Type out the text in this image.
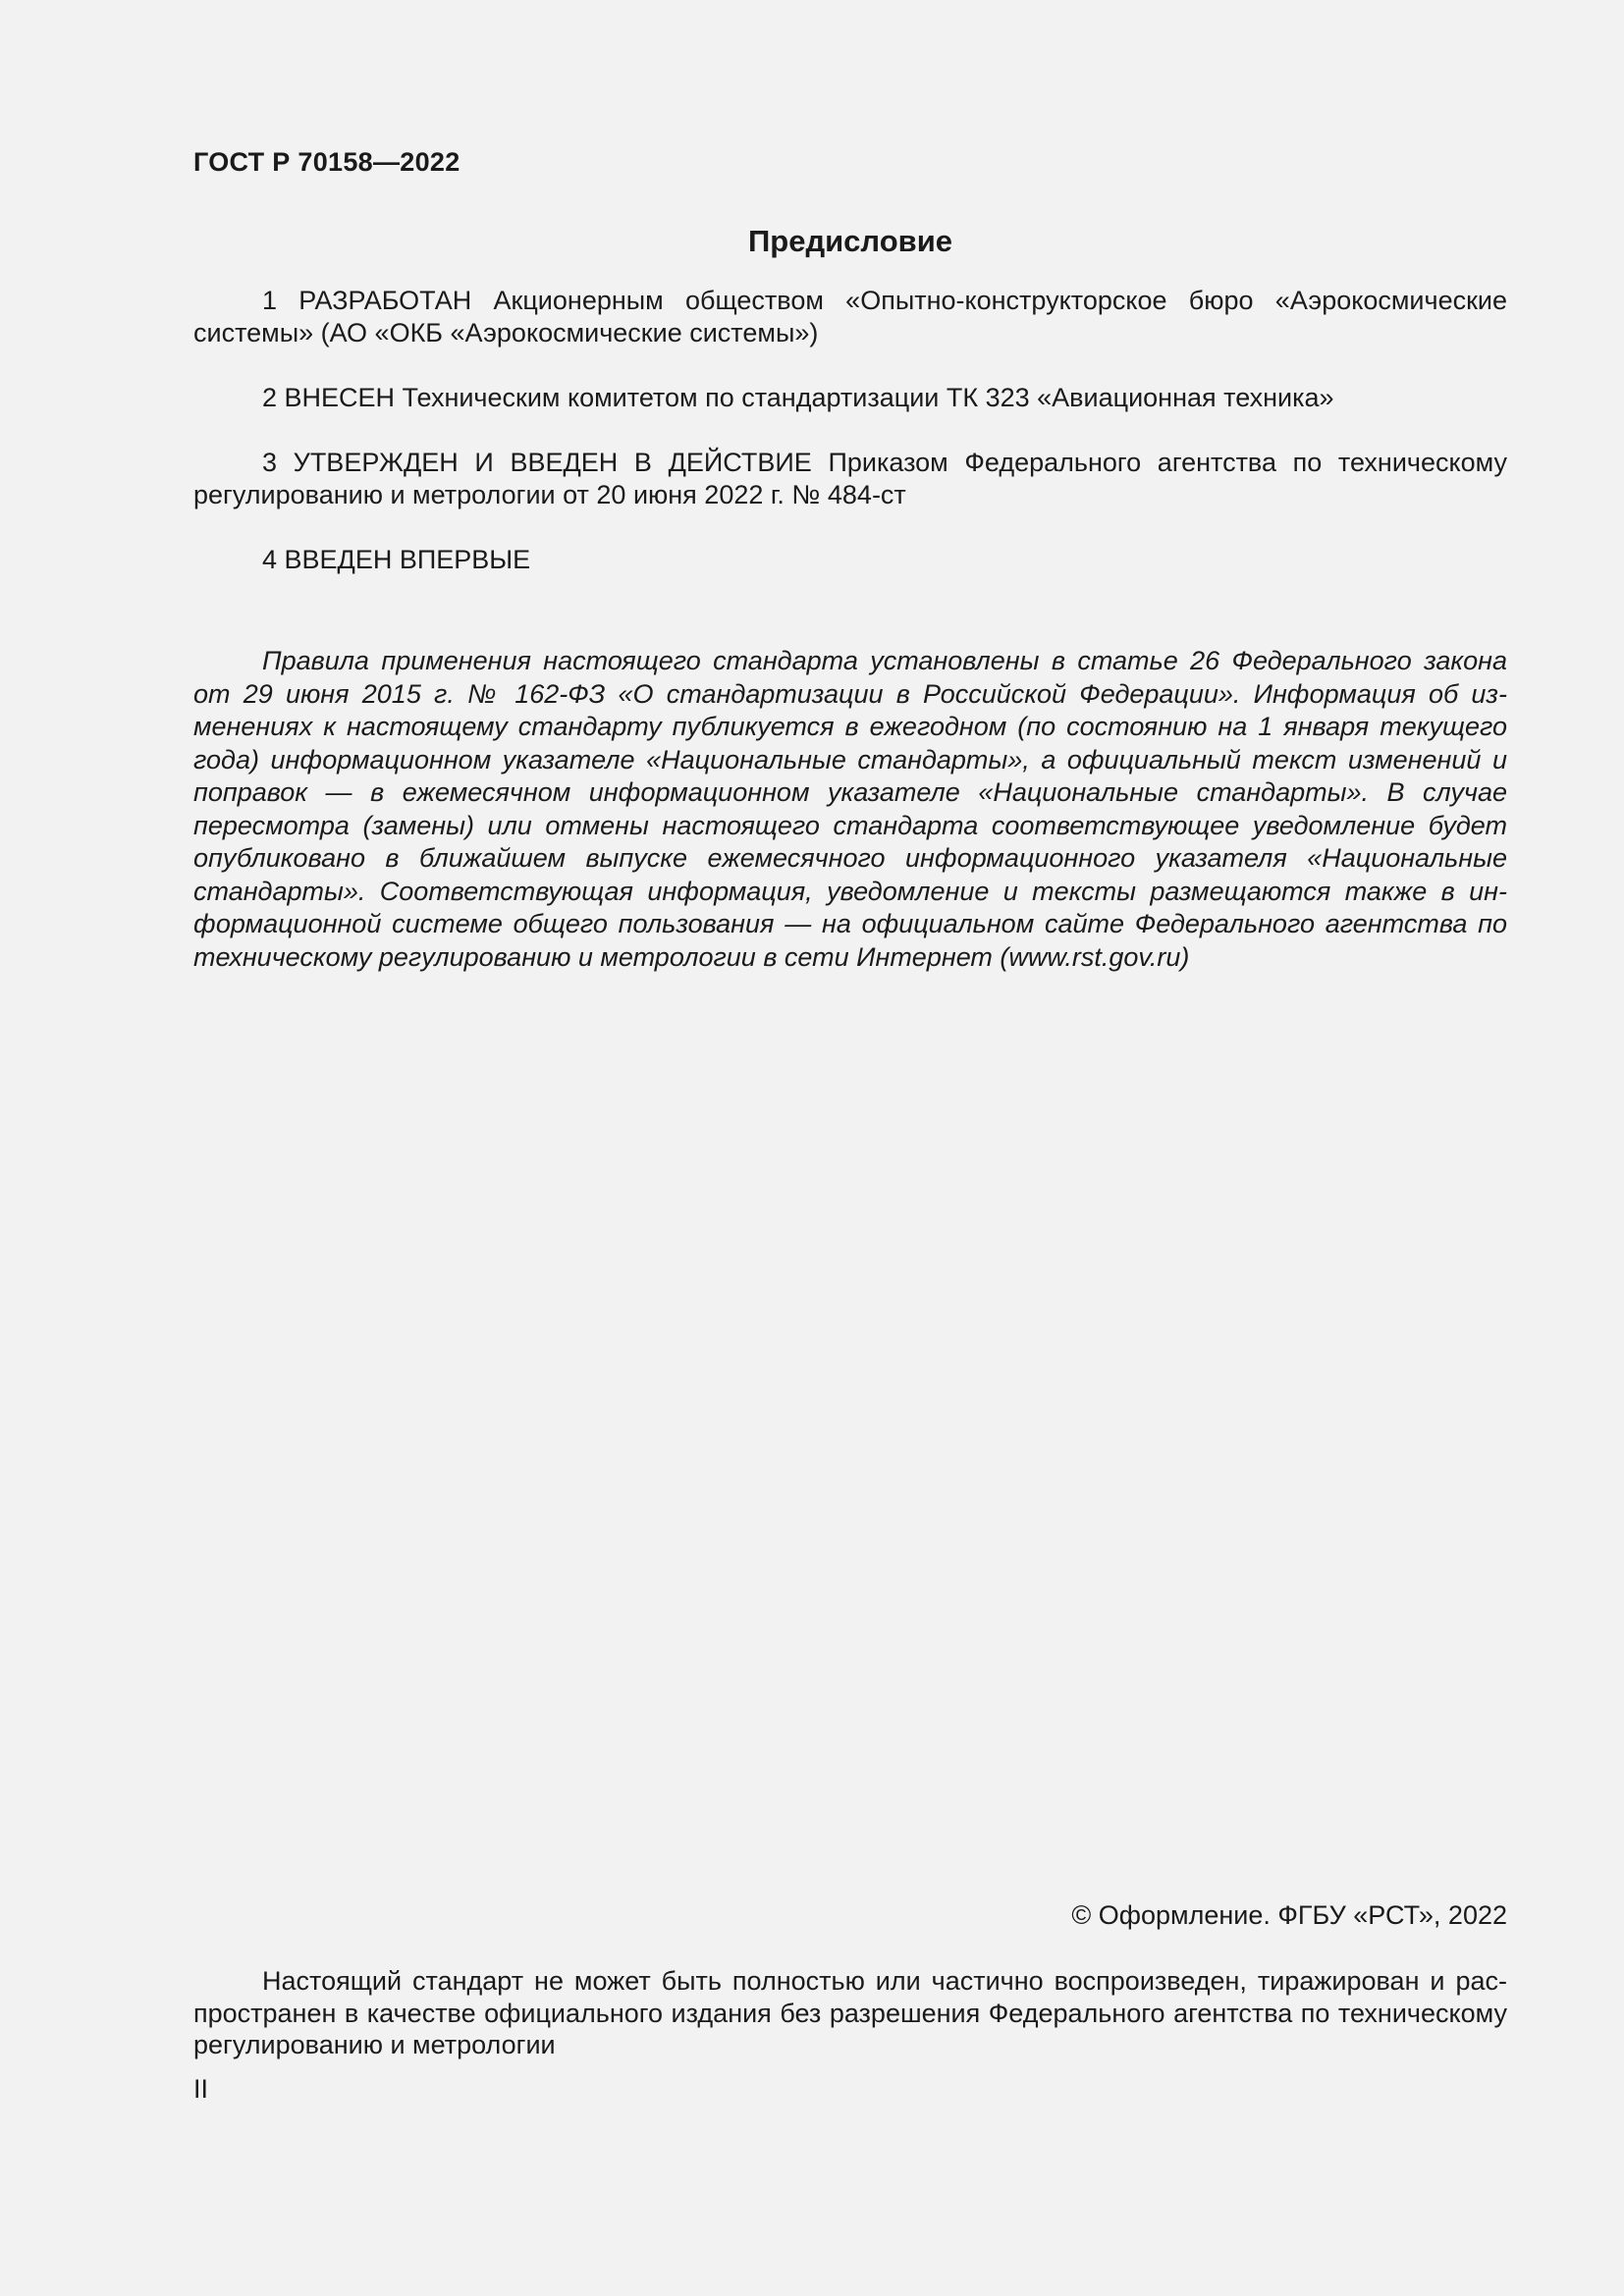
ГОСТ Р 70158—2022
Предисловие

1 РАЗРАБОТАН Акционерным обществом «Опытно-конструкторское бюро «Аэрокосмические системы» (АО «ОКБ «Аэрокосмические системы»)

2 ВНЕСЕН Техническим комитетом по стандартизации ТК 323 «Авиационная техника»

3 УТВЕРЖДЕН И ВВЕДЕН В ДЕЙСТВИЕ Приказом Федерального агентства по техническому регулированию и метрологии от 20 июня 2022 г. № 484-ст

4 ВВЕДЕН ВПЕРВЫЕ

Правила применения настоящего стандарта установлены в статье 26 Федерального закона от 29 июня 2015 г. № 162-ФЗ «О стандартизации в Российской Федерации». Информация об изменениях к настоящему стандарту публикуется в ежегодном (по состоянию на 1 января текущего года) информационном указателе «Национальные стандарты», а официальный текст изменений и поправок — в ежемесячном информационном указателе «Национальные стандарты». В случае пересмотра (замены) или отмены настоящего стандарта соответствующее уведомление будет опубликовано в ближайшем выпуске ежемесячного информационного указателя «Национальные стандарты». Соответствующая информация, уведомление и тексты размещаются также в информационной системе общего пользования — на официальном сайте Федерального агентства по техническому регулированию и метрологии в сети Интернет (www.rst.gov.ru)

© Оформление. ФГБУ «РСТ», 2022

Настоящий стандарт не может быть полностью или частично воспроизведен, тиражирован и распространен в качестве официального издания без разрешения Федерального агентства по техническому регулированию и метрологии

II
